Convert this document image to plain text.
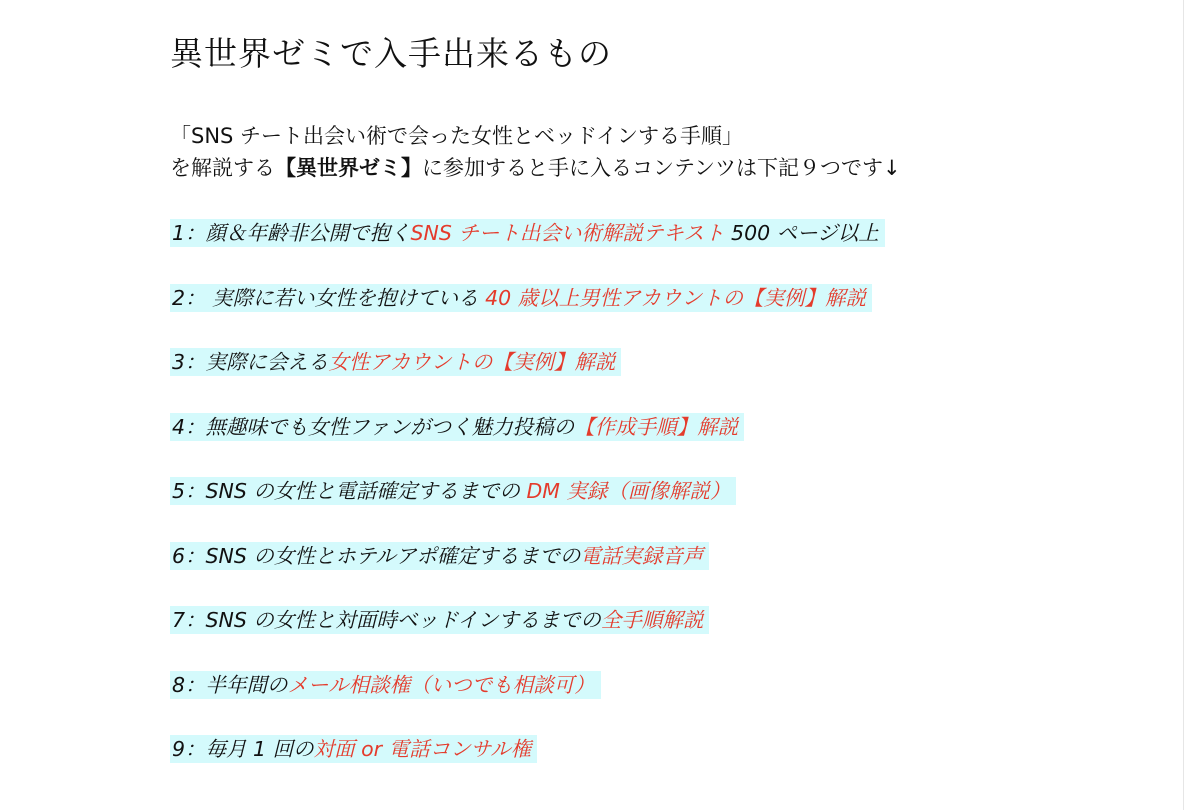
異世界ゼミで入手出来るもの
「SNS チート出会い術で会った女性とベッドインする手順」
を解説する【異世界ゼミ】に参加すると手に入るコンテンツは下記９つです↓
1：顔＆年齢非公開で抱くSNS チート出会い術解説テキスト 500 ページ以上
2： 実際に若い女性を抱けている 40 歳以上男性アカウントの【実例】解説
3：実際に会える女性アカウントの【実例】解説
4：無趣味でも女性ファンがつく魅力投稿の【作成手順】解説
5：SNS の女性と電話確定するまでの DM 実録（画像解説）
6：SNS の女性とホテルアポ確定するまでの電話実録音声
7：SNS の女性と対面時ベッドインするまでの全手順解説
8：半年間のメール相談権（いつでも相談可）
9：毎月 1 回の対面 or 電話コンサル権
